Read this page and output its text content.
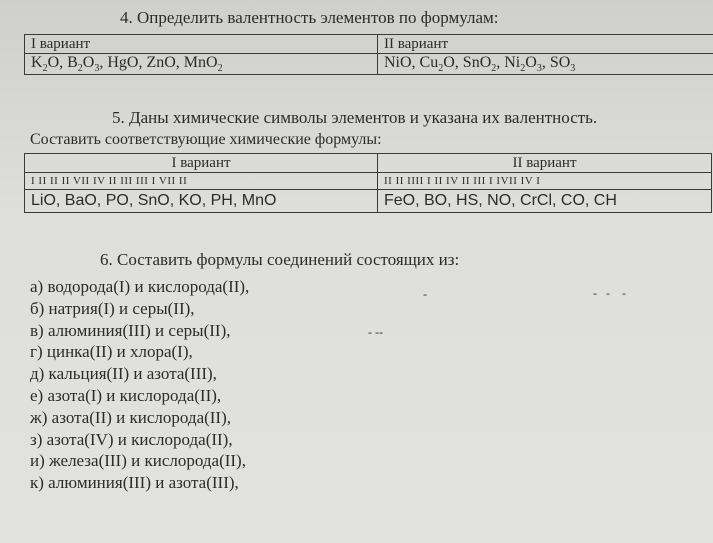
4. Определить валентность элементов по формулам:
I вариант	II вариант
$K_2O$, $B_2O_3$, HgO, ZnO, MnO$_2$	NiO, $Cu_2O$, SnO$_2$, $Ni_2O_3$, $SO_3$
5. Даны химические символы элементов и указана их валентность.
Составить соответствующие химические формулы:
I вариант	II вариант
I II II II VII IV II III III I VII II	II II IIII I II IV II III I IVII IV I
LiO, BaO, PO, SnO, KO, PH, MnO	FeO, BO, HS, NO, CrCl, CO, CH
6. Составить формулы соединений состоящих из:
а) водорода(I) и кислорода(II),
б) натрия(I) и серы(II),
в) алюминия(III) и серы(II),
г) цинка(II) и хлора(I),
д) кальция(II) и азота(III),
е) азота(I) и кислорода(II),
ж) азота(II) и кислорода(II),
з) азота(IV) и кислорода(II),
и) железа(III) и кислорода(II),
к) алюминия(III) и азота(III),
-	-   -    -
- --
